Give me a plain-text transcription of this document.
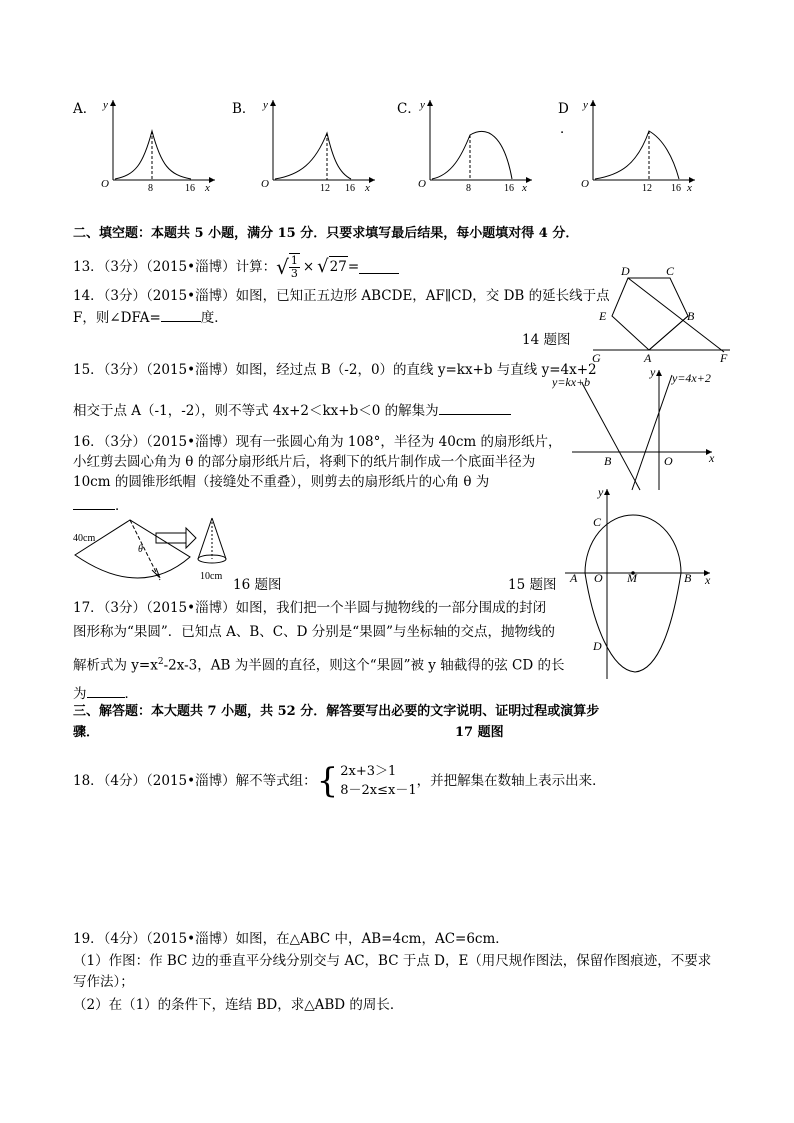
A．
O	8	16 x
y	B．
O	12 16 x
y	C．
O	8	16 x
y	D
．
O	12 16 x
y
二、填空题：本题共 5 小题，满分 15 分．只要求填写最后结果，每小题填对得 4 分．
13．（3分）（2015•淄博）计算： √ $\frac{1}{3}$ × √ 27 =
14．（3分）（2015•淄博）如图，已知正五边形 ABCDE，AF∥CD，交 DB 的延长线于点
F，则∠DFA=	度．
14 题图
D	C
E	B
G	A	F
15．（3分）（2015•淄博）如图，经过点 B（-2，0）的直线 y=kx+b 与直线 y=4x+2
相交于点 A（-1，-2），则不等式 4x+2＜kx+b＜0 的解集为
y=kx+b
y y=4x+2
B	O	x
16．（3分）（2015•淄博）现有一张圆心角为 108°，半径为 40cm 的扇形纸片，
小红剪去圆心角为 θ 的部分扇形纸片后，将剩下的纸片制作成一个底面半径为
10cm 的圆锥形纸帽（接缝处不重叠），则剪去的扇形纸片的心角 θ 为
．
40cm
θ
10cm
16 题图	15 题图
17．（3分）（2015•淄博）如图，我们把一个半圆与抛物线的一部分围成的封闭
图形称为“果圆”．已知点 A、B、C、D 分别是“果圆”与坐标轴的交点，抛物线的
解析式为 $y=x^2-2x-3$，AB 为半圆的直径，则这个“果圆”被 y 轴截得的弦 CD 的长
为	．
y
C
A O M	B x
D
三、解答题：本大题共 7 小题，共 52 分．解答要写出必要的文字说明、证明过程或演算步
骤．	17 题图
18．（4分）（2015•淄博）解不等式组： { 2x+3＞1
8－2x≤x－1
，并把解集在数轴上表示出来．
19．（4分）（2015•淄博）如图，在△ABC 中，AB=4cm，AC=6cm．
（1）作图：作 BC 边的垂直平分线分别交与 AC，BC 于点 D，E（用尺规作图法，保留作图痕迹，不要求
写作法）；
（2）在（1）的条件下，连结 BD，求△ABD 的周长．
